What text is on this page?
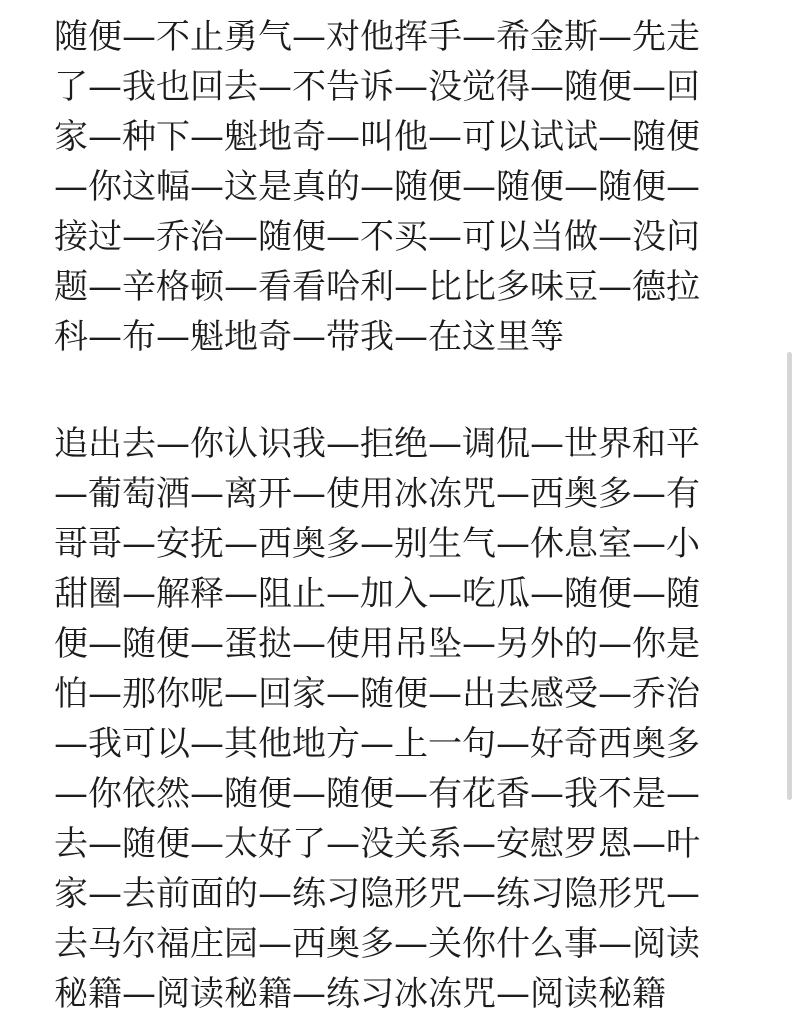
随便—不止勇气—对他挥手—希金斯—先走
了—我也回去—不告诉—没觉得—随便—回
家—种下—魁地奇—叫他—可以试试—随便
—你这幅—这是真的—随便—随便—随便—
接过—乔治—随便—不买—可以当做—没问
题—辛格顿—看看哈利—比比多味豆—德拉
科—布—魁地奇—带我—在这里等
追出去—你认识我—拒绝—调侃—世界和平
—葡萄酒—离开—使用冰冻咒—西奥多—有
哥哥—安抚—西奥多—别生气—休息室—小
甜圈—解释—阻止—加入—吃瓜—随便—随
便—随便—蛋挞—使用吊坠—另外的—你是
怕—那你呢—回家—随便—出去感受—乔治
—我可以—其他地方—上一句—好奇西奥多
—你依然—随便—随便—有花香—我不是—
去—随便—太好了—没关系—安慰罗恩—叶
家—去前面的—练习隐形咒—练习隐形咒—
去马尔福庄园—西奥多—关你什么事—阅读
秘籍—阅读秘籍—练习冰冻咒—阅读秘籍
